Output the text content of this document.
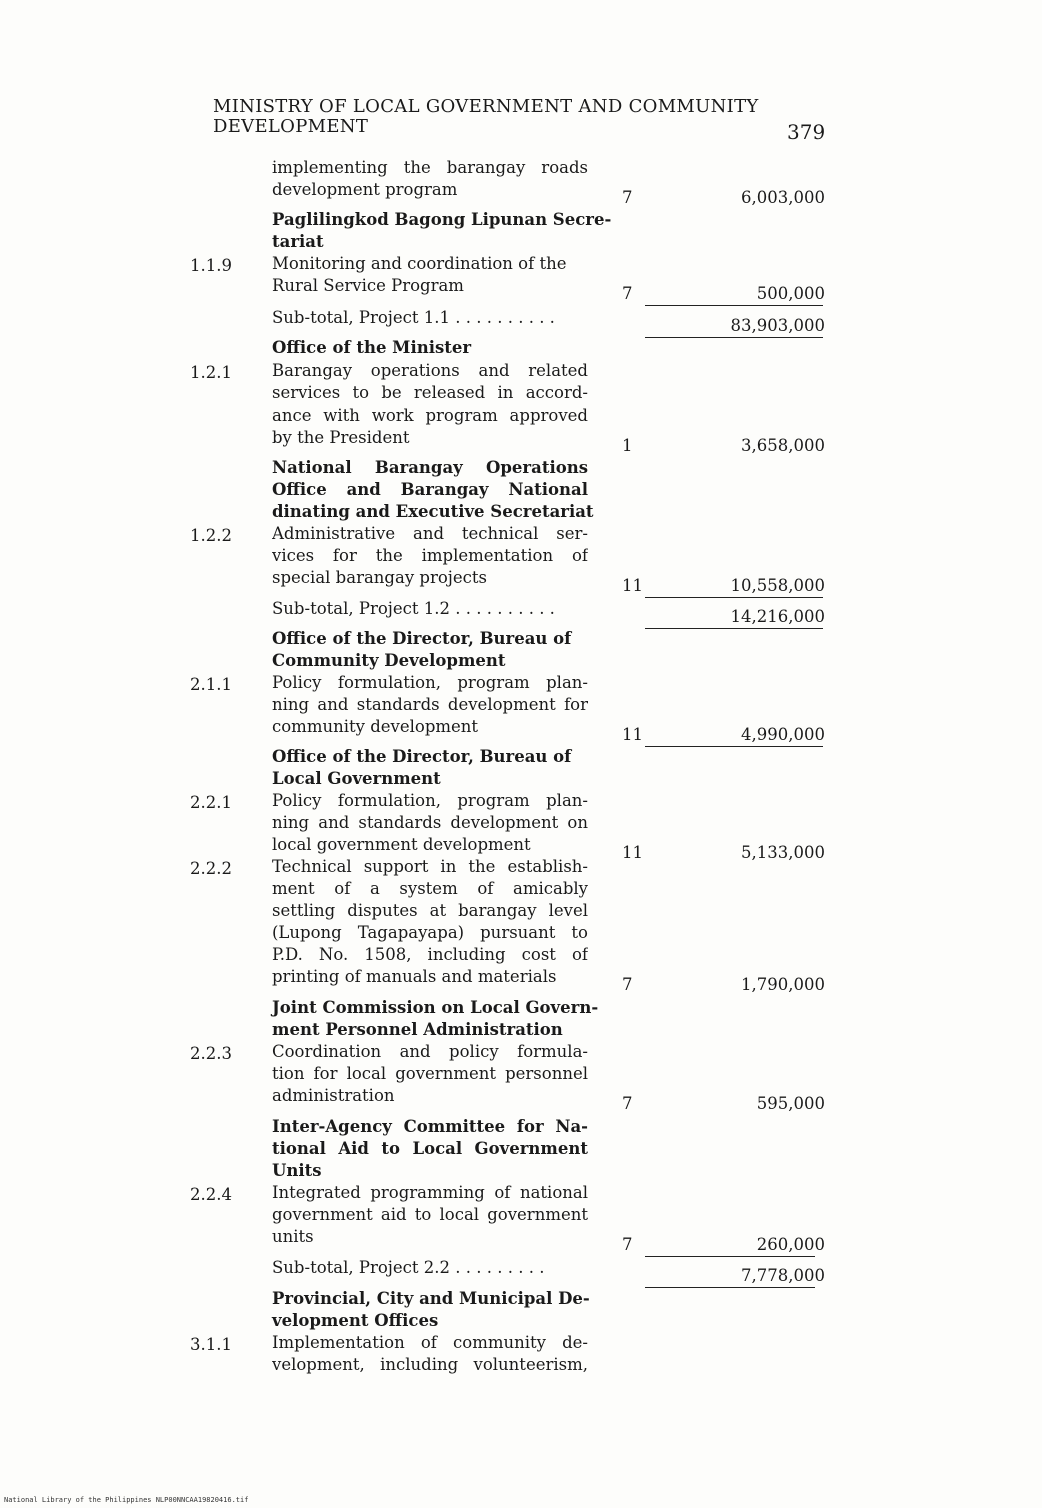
MINISTRY OF LOCAL GOVERNMENT AND COMMUNITY
DEVELOPMENT	379
implementing the barangay roads
development program	7	6,003,000
Paglilingkod Bagong Lipunan Secre-
tariat
1.1.9 Monitoring and coordination of the
Rural Service Program	7	500,000
Sub-total, Project 1.1 . . . . . . . . . .	83,903,000
Office of the Minister
1.2.1 Barangay operations and related
services to be released in accord-
ance with work program approved
by the President	1	3,658,000
National Barangay Operations
Office and Barangay National
dinating and Executive Secretariat
1.2.2 Administrative and technical ser-
vices for the implementation of
special barangay projects	11	10,558,000
Sub-total, Project 1.2 . . . . . . . . . .	14,216,000
Office of the Director, Bureau of
Community Development
2.1.1 Policy formulation, program plan-
ning and standards development for
community development	11	4,990,000
Office of the Director, Bureau of
Local Government
2.2.1 Policy formulation, program plan-
ning and standards development on
local government development	11	5,133,000
2.2.2 Technical support in the establish-
ment of a system of amicably
settling disputes at barangay level
(Lupong Tagapayapa) pursuant to
P.D. No. 1508, including cost of
printing of manuals and materials	7	1,790,000
Joint Commission on Local Govern-
ment Personnel Administration
2.2.3 Coordination and policy formula-
tion for local government personnel
administration	7	595,000
Inter-Agency Committee for Na-
tional Aid to Local Government
Units
2.2.4 Integrated programming of national
government aid to local government
units	7	260,000
Sub-total, Project 2.2 . . . . . . . . .	7,778,000
Provincial, City and Municipal De-
velopment Offices
3.1.1 Implementation of community de-
velopment, including volunteerism,
National Library of the Philippines NLP00NNCAA19820416.tif
